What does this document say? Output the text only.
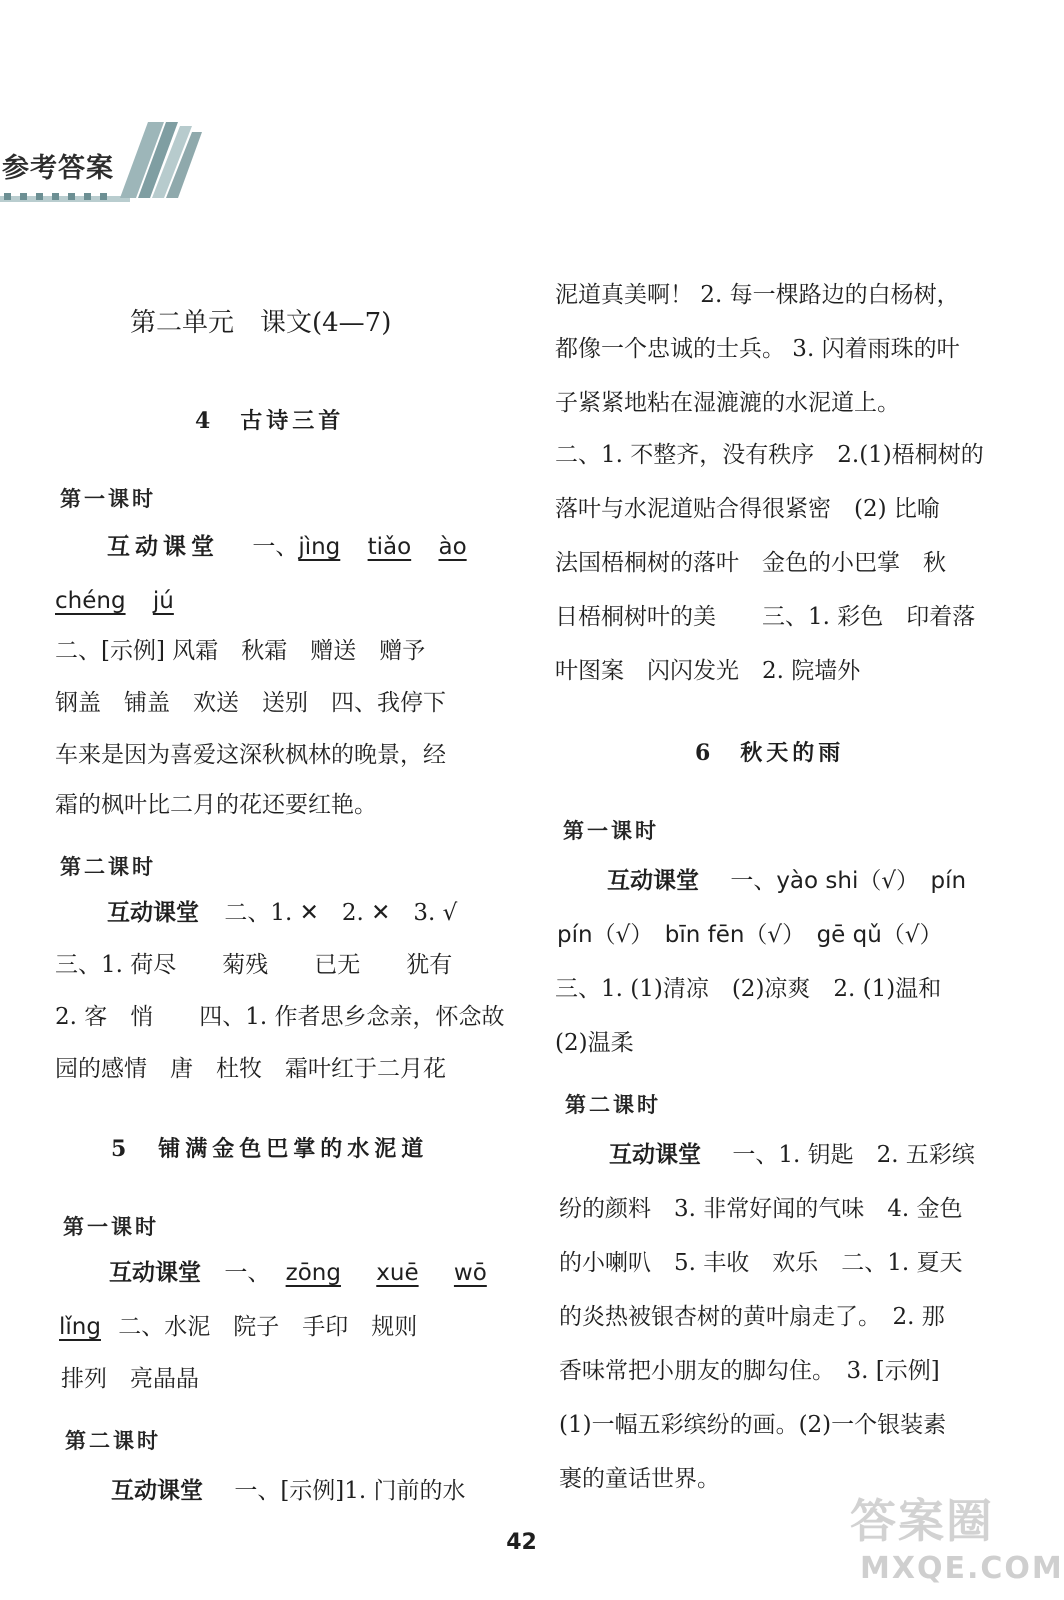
参考答案
第二单元　课文(4—7)
4　古诗三首
第一课时
互动课堂 一、jìng tiǎo ào
chéng jú
二、[示例] 风霜　秋霜　赠送　赠予
钢盖　铺盖　欢送　送别　四、我停下
车来是因为喜爱这深秋枫林的晚景，经
霜的枫叶比二月的花还要红艳。
第二课时
互动课堂 二、1. ✕　2. ✕　3. √
三、1. 荷尽　　菊残　　已无　　犹有
2. 客　悄　　四、1. 作者思乡念亲，怀念故
园的感情　唐　杜牧　霜叶红于二月花
5　铺满金色巴掌的水泥道
第一课时
互动课堂 一、 zōng xuē wō
lǐng 二、水泥　院子　手印　规则
排列　亮晶晶
第二课时
互动课堂 一、[示例]1. 门前的水
泥道真美啊！ 2. 每一棵路边的白杨树，
都像一个忠诚的士兵。 3. 闪着雨珠的叶
子紧紧地粘在湿漉漉的水泥道上。
二、1. 不整齐，没有秩序　2.(1)梧桐树的
落叶与水泥道贴合得很紧密　(2) 比喻
法国梧桐树的落叶　金色的小巴掌　秋
日梧桐树叶的美　　三、1. 彩色　印着落
叶图案　闪闪发光　2. 院墙外
6　秋天的雨
第一课时
互动课堂 一、yào shi（√）　pín
pín（√）　bīn fēn（√）　gē qǔ（√）
三、1. (1)清凉　(2)凉爽　2. (1)温和
(2)温柔
第二课时
互动课堂 一、1. 钥匙　2. 五彩缤
纷的颜料　3. 非常好闻的气味　4. 金色
的小喇叭　5. 丰收　欢乐　二、1. 夏天
的炎热被银杏树的黄叶扇走了。　2. 那
香味常把小朋友的脚勾住。　3. [示例]
(1)一幅五彩缤纷的画。(2)一个银装素
裹的童话世界。
42	答案圈
MXQE.COM
